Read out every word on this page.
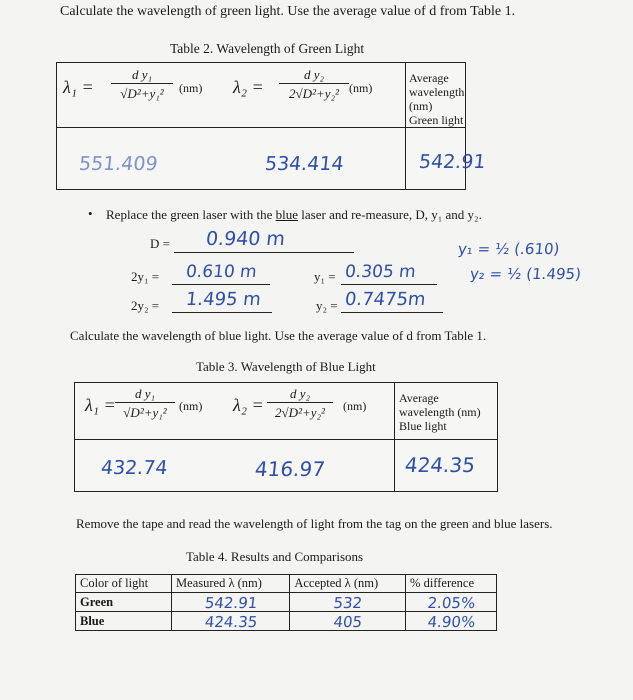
Calculate the wavelength of green light. Use the average value of d from Table 1.
Table 2. Wavelength of Green Light
$\lambda_1 = \frac{\text{d y₁}}{\text{√D²+y₁²}} (nm) \lambda_2 = \frac{\text{d y₂}}{\text{2√D²+y₂²}} (nm)$
Average
wavelength
(nm)
Green light
551.409	534.414	542.91
• Replace the green laser with the blue laser and re-measure, D, y₁ and y₂.
D = 0.940 m
2y₁ = 0.610 m	y₁ = 0.305 m
y₁ = ½ (.610)
y₂ = ½ (1.495)
2y₂ = 1.495 m	y₂ = 0.7475m
Calculate the wavelength of blue light. Use the average value of d from Table 1.
Table 3. Wavelength of Blue Light
$\lambda_1 = \frac{\text{d y₁}}{\text{√D²+y₁²}} (nm) \lambda_2 = \frac{\text{d y₂}}{\text{2√D²+y₂²}} (nm)$
Average
wavelength (nm)
Blue light
432.74	416.97	424.35
Remove the tape and read the wavelength of light from the tag on the green and blue lasers.
Table 4. Results and Comparisons
Color of light	Measured λ (nm)	Accepted λ (nm)	% difference
Green	542.91	532	2.05%
Blue	424.35	405	4.90%
